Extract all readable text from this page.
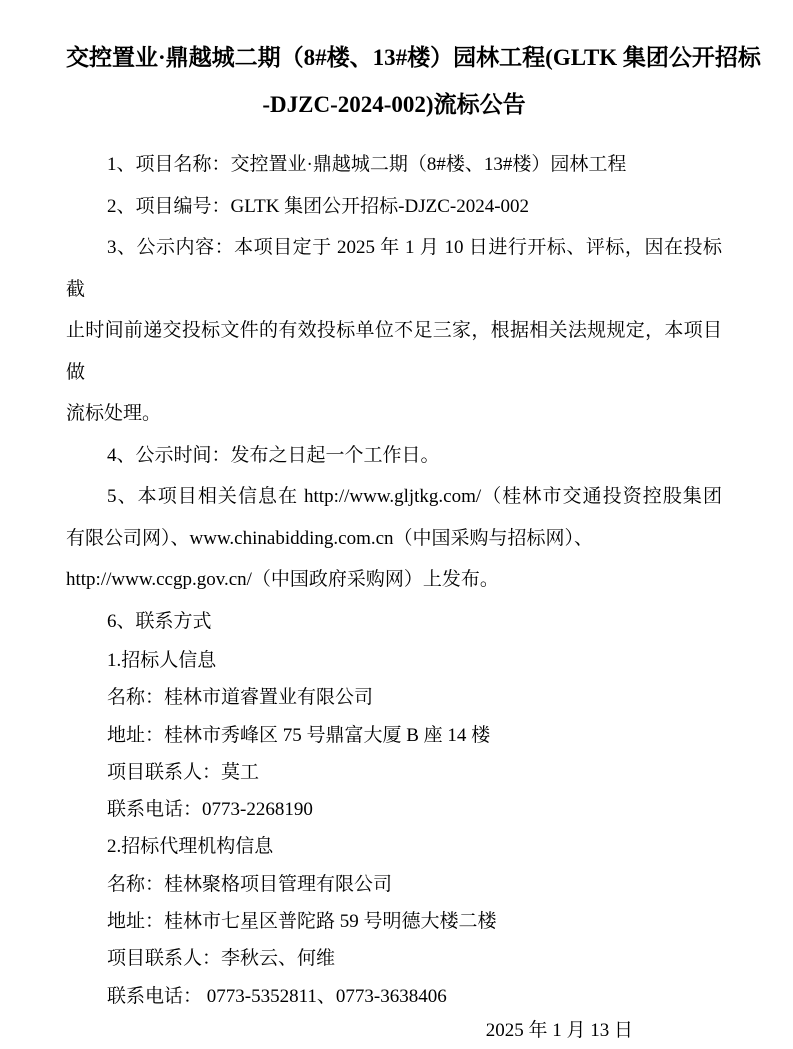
交控置业·鼎越城二期（8#楼、13#楼）园林工程(GLTK 集团公开招标
-DJZC-2024-002)流标公告

1、项目名称：交控置业·鼎越城二期（8#楼、13#楼）园林工程

2、项目编号：GLTK 集团公开招标-DJZC-2024-002

3、公示内容：本项目定于 2025 年 1 月 10 日进行开标、评标，因在投标截

止时间前递交投标文件的有效投标单位不足三家，根据相关法规规定，本项目做

流标处理。

4、公示时间：发布之日起一个工作日。

5、本项目相关信息在 http://www.gljtkg.com/（桂林市交通投资控股集团

有限公司网）、www.chinabidding.com.cn（中国采购与招标网）、

http://www.ccgp.gov.cn/（中国政府采购网）上发布。

6、联系方式

1.招标人信息

名称：桂林市道睿置业有限公司

地址：桂林市秀峰区 75 号鼎富大厦 B 座 14 楼

项目联系人：莫工

联系电话：0773-2268190

2.招标代理机构信息

名称：桂林聚格项目管理有限公司

地址：桂林市七星区普陀路 59 号明德大楼二楼

项目联系人：李秋云、何维

联系电话： 0773-5352811、0773-3638406

2025 年 1 月 13 日
